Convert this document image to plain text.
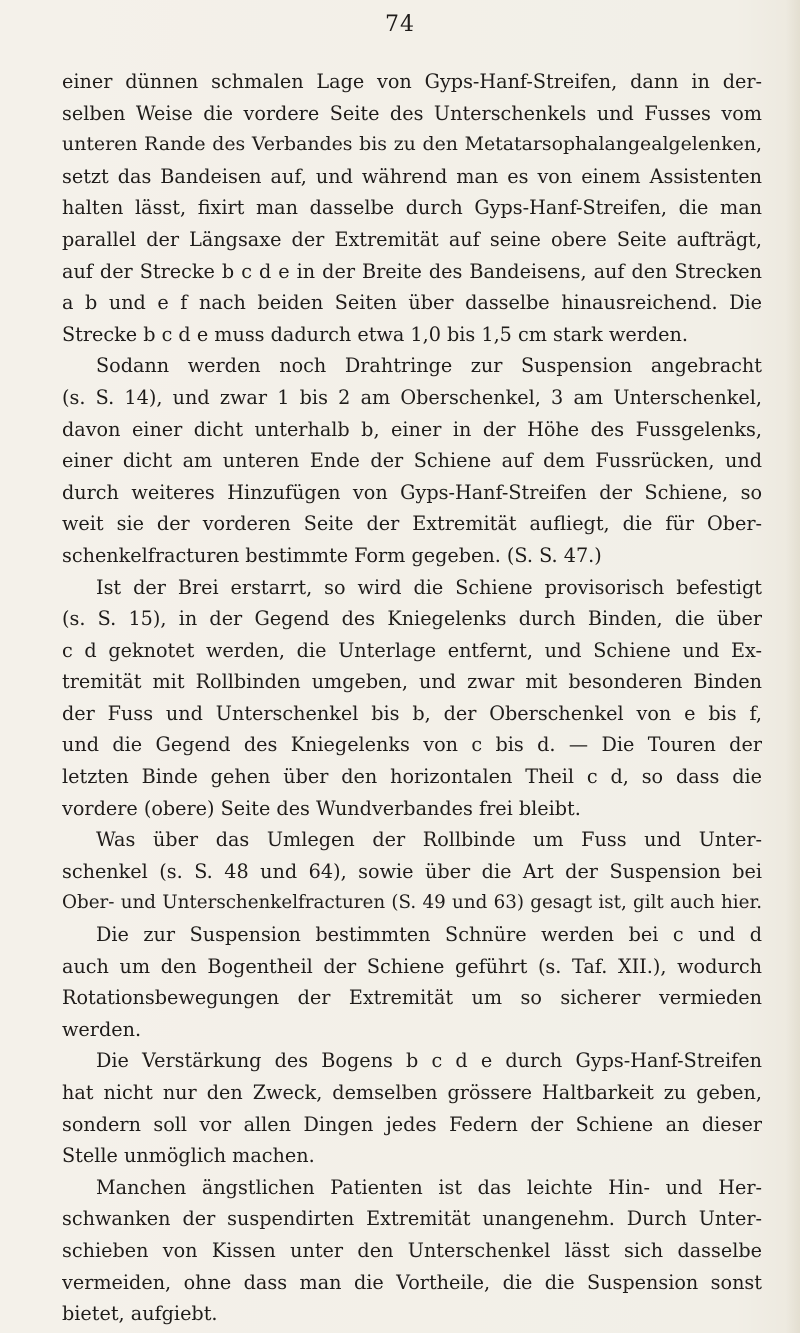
74
einer dünnen schmalen Lage von Gyps-Hanf-Streifen, dann in der-
selben Weise die vordere Seite des Unterschenkels und Fusses vom
unteren Rande des Verbandes bis zu den Metatarsophalangealgelenken,
setzt das Bandeisen auf, und während man es von einem Assistenten
halten lässt, fixirt man dasselbe durch Gyps-Hanf-Streifen, die man
parallel der Längsaxe der Extremität auf seine obere Seite aufträgt,
auf der Strecke b c d e in der Breite des Bandeisens, auf den Strecken
a b und e f nach beiden Seiten über dasselbe hinausreichend. Die
Strecke b c d e muss dadurch etwa 1,0 bis 1,5 cm stark werden.
Sodann werden noch Drahtringe zur Suspension angebracht
(s. S. 14), und zwar 1 bis 2 am Oberschenkel, 3 am Unterschenkel,
davon einer dicht unterhalb b, einer in der Höhe des Fussgelenks,
einer dicht am unteren Ende der Schiene auf dem Fussrücken, und
durch weiteres Hinzufügen von Gyps-Hanf-Streifen der Schiene, so
weit sie der vorderen Seite der Extremität aufliegt, die für Ober-
schenkelfracturen bestimmte Form gegeben. (S. S. 47.)
Ist der Brei erstarrt, so wird die Schiene provisorisch befestigt
(s. S. 15), in der Gegend des Kniegelenks durch Binden, die über
c d geknotet werden, die Unterlage entfernt, und Schiene und Ex-
tremität mit Rollbinden umgeben, und zwar mit besonderen Binden
der Fuss und Unterschenkel bis b, der Oberschenkel von e bis f,
und die Gegend des Kniegelenks von c bis d. — Die Touren der
letzten Binde gehen über den horizontalen Theil c d, so dass die
vordere (obere) Seite des Wundverbandes frei bleibt.
Was über das Umlegen der Rollbinde um Fuss und Unter-
schenkel (s. S. 48 und 64), sowie über die Art der Suspension bei
Ober- und Unterschenkelfracturen (S. 49 und 63) gesagt ist, gilt auch hier.
Die zur Suspension bestimmten Schnüre werden bei c und d
auch um den Bogentheil der Schiene geführt (s. Taf. XII.), wodurch
Rotationsbewegungen der Extremität um so sicherer vermieden
werden.
Die Verstärkung des Bogens b c d e durch Gyps-Hanf-Streifen
hat nicht nur den Zweck, demselben grössere Haltbarkeit zu geben,
sondern soll vor allen Dingen jedes Federn der Schiene an dieser
Stelle unmöglich machen.
Manchen ängstlichen Patienten ist das leichte Hin- und Her-
schwanken der suspendirten Extremität unangenehm. Durch Unter-
schieben von Kissen unter den Unterschenkel lässt sich dasselbe
vermeiden, ohne dass man die Vortheile, die die Suspension sonst
bietet, aufgiebt.
